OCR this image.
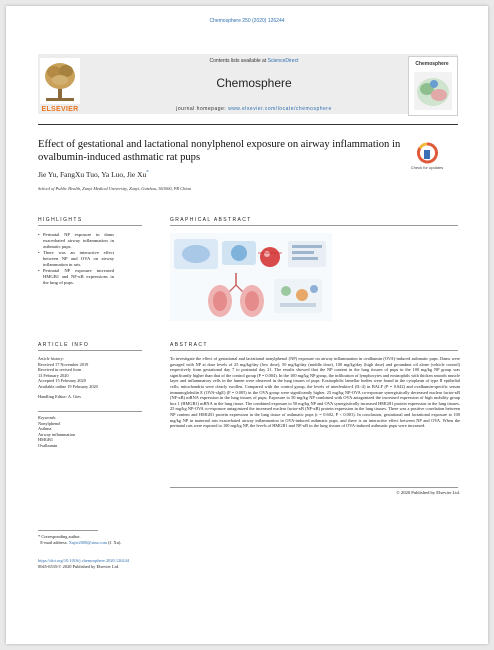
Chemosphere 250 (2020) 126244
ELSEVIER
Contents lists available at ScienceDirect
Chemosphere
journal homepage: www.elsevier.com/locate/chemosphere
Chemosphere
Effect of gestational and lactational nonylphenol exposure on airway inflammation in ovalbumin-induced asthmatic rat pups
Check for updates
Jie Yu, FangXu Tuo, Ya Luo, Jie Xu*
School of Public Health, Zunyi Medical University, Zunyi, Guizhou, 563000, PR China
HIGHLIGHTS	GRAPHICAL ABSTRACT
• Perinatal NP exposure in dams exacerbated airway inflammation in asthmatic pups.
• There was an interactive effect between NP and OVA on airway inflammation in rats.
• Perinatal NP exposure increased HMGB1 and NF-κB expressions in the lung of pups.
ARTICLE INFO	ABSTRACT
Article history:
Received 17 November 2019
Received in revised form
13 February 2020
Accepted 15 February 2020
Available online 19 February 2020
Handling Editor: A. Gies
Keywords:
Nonylphenol
Asthma
Airway inflammation
HMGB1
Ovalbumin
To investigate the effect of gestational and lactational nonylphenol (NP) exposure on airway inflammation in ovalbumin (OVA)-induced asthmatic pups. Dams were gavaged with NP at dose levels of 25 mg/kg/day (low dose), 50 mg/kg/day (middle dose), 100 mg/kg/day (high dose) and groundnut oil alone (vehicle control) respectively from gestational day 7 to postnatal day 21. The results showed that the NP content in the lung tissues of pups in the 100 mg/kg NP group was significantly higher than that of the control group (P = 0.004). In the 100 mg/kg NP group, the infiltration of lymphocytes and eosinophils with thicken smooth muscle layer and inflammatory cells in the lumen were observed in the lung tissues of pups. Eosinophilic lamellar bodies were found in the cytoplasm of type II epithelial cells; mitochondria were clearly swollen. Compared with the control group, the levels of interleukin-4 (IL-4) in BALF (P = 0.042) and ovalbumin-specific serum immunoglobulin E (OVA-sIgE) (P = 0.005) in the OVA group were significantly higher. 25 mg/kg NP-OVA co-exposure synergistically decreased nuclear factor-κB (NF-κB) mRNA expression in the lung tissues of pups; Exposure to 50 mg/kg NP combined with OVA antagonized the increased expression of high mobility group box 1 (HMGB1) mRNA in the lung tissue. The combined exposure to 50 mg/kg NP and OVA synergistically increased HMGB1 protein expression in the lung tissues. 25 mg/kg NP-OVA co-exposure antagonized the increased nuclear factor-κB (NF-κB) protein expression in the lung tissues. There was a positive correlation between NP content and HMGB1 protein expression in the lung tissue of asthmatic pups (r = 0.602, P < 0.001). In conclusion, gestational and lactational exposure to 100 mg/kg NP in maternal rats exacerbated airway inflammation in OVA-induced asthmatic pups, and there is an interactive effect between NP and OVA. When the perinatal rats were exposed to 100 mg/kg NP, the levels of HMGB1 and NF-κB in the lung tissues of OVA-induced asthmatic pups were increased.
© 2020 Published by Elsevier Ltd.
* Corresponding author.
E-mail address: Xujie2008@sina.com (J. Xu).
https://doi.org/10.1016/j.chemosphere.2020.126244
0045-6535/© 2020 Published by Elsevier Ltd.
